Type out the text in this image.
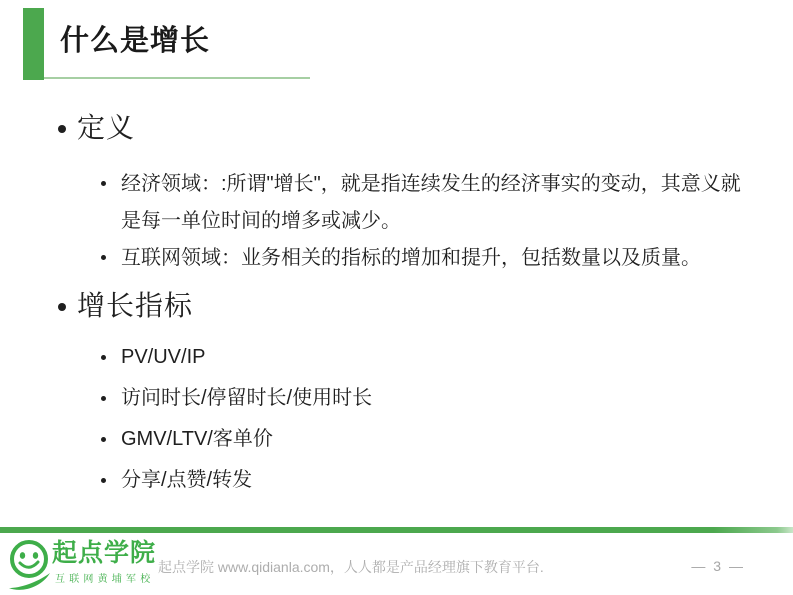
什么是增长
定义
经济领域：:所谓"增长"，就是指连续发生的经济事实的变动，其意义就是每一单位时间的增多或减少。
互联网领域：业务相关的指标的增加和提升，包括数量以及质量。
增长指标
PV/UV/IP
访问时长/停留时长/使用时长
GMV/LTV/客单价
分享/点赞/转发
起点学院
互联网黄埔军校
起点学院 www.qidianla.com，人人都是产品经理旗下教育平台.	— 3 —
